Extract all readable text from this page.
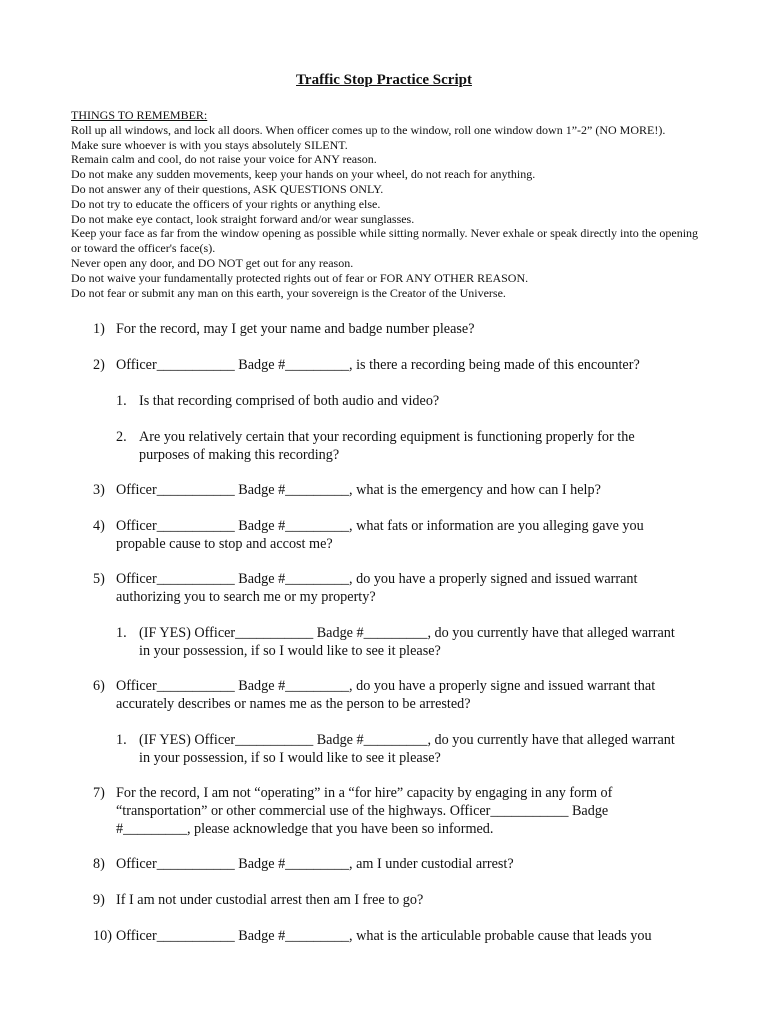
Traffic Stop Practice Script
THINGS TO REMEMBER:
Roll up all windows, and lock all doors. When officer comes up to the window, roll one window down 1”-2” (NO MORE!).
Make sure whoever is with you stays absolutely SILENT.
Remain calm and cool, do not raise your voice for ANY reason.
Do not make any sudden movements, keep your hands on your wheel, do not reach for anything.
Do not answer any of their questions, ASK QUESTIONS ONLY.
Do not try to educate the officers of your rights or anything else.
Do not make eye contact, look straight forward and/or wear sunglasses.
Keep your face as far from the window opening as possible while sitting normally. Never exhale or speak directly into the opening or toward the officer's face(s).
Never open any door, and DO NOT get out for any reason.
Do not waive your fundamentally protected rights out of fear or FOR ANY OTHER REASON.
Do not fear or submit any man on this earth, your sovereign is the Creator of the Universe.
1) For the record, may I get your name and badge number please?
2) Officer___________ Badge #_________, is there a recording being made of this encounter?
1. Is that recording comprised of both audio and video?
2. Are you relatively certain that your recording equipment is functioning properly for the purposes of making this recording?
3) Officer___________ Badge #_________, what is the emergency and how can I help?
4) Officer___________ Badge #_________, what fats or information are you alleging gave you propable cause to stop and accost me?
5) Officer___________ Badge #_________, do you have a properly signed and issued warrant authorizing you to search me or my property?
1. (IF YES) Officer___________ Badge #_________, do you currently have that alleged warrant in your possession, if so I would like to see it please?
6) Officer___________ Badge #_________, do you have a properly signe and issued warrant that accurately describes or names me as the person to be arrested?
1. (IF YES) Officer___________ Badge #_________, do you currently have that alleged warrant in your possession, if so I would like to see it please?
7) For the record, I am not “operating” in a “for hire” capacity by engaging in any form of “transportation” or other commercial use of the highways. Officer___________ Badge #_________, please acknowledge that you have been so informed.
8) Officer___________ Badge #_________, am I under custodial arrest?
9) If I am not under custodial arrest then am I free to go?
10) Officer___________ Badge #_________, what is the articulable probable cause that leads you
